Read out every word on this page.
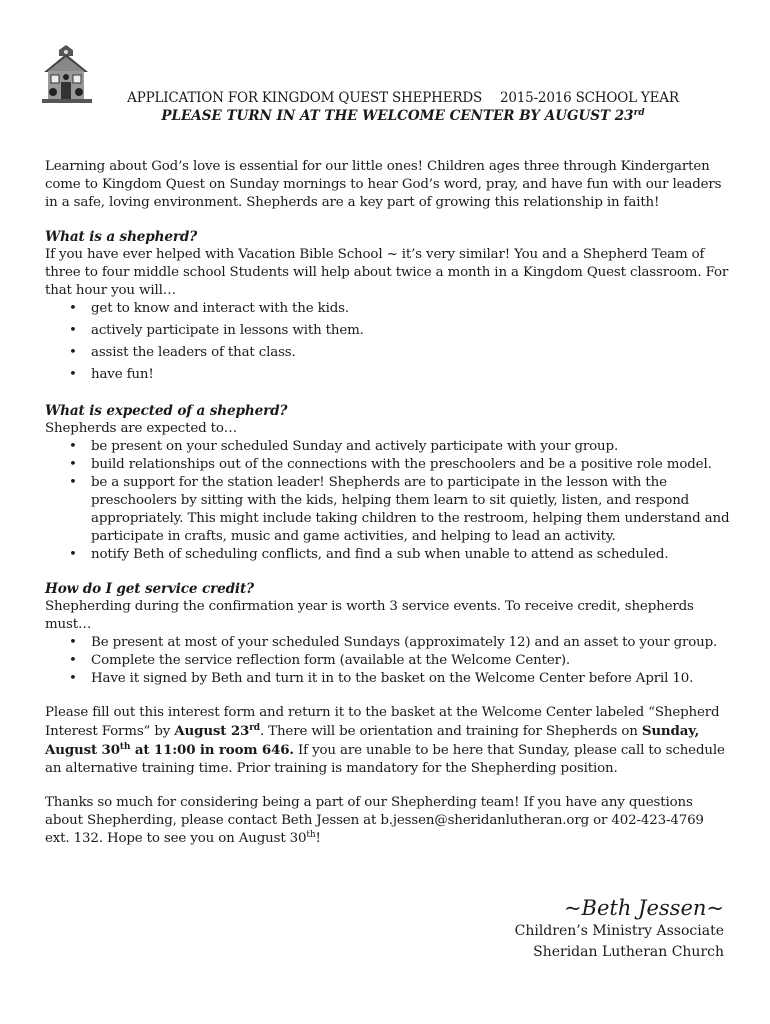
APPLICATION FOR KINGDOM QUEST SHEPHERDS 2015-2016 SCHOOL YEAR
PLEASE TURN IN AT THE WELCOME CENTER BY AUGUST 23rd

Learning about God’s love is essential for our little ones! Children ages three through Kindergarten come to Kingdom Quest on Sunday mornings to hear God’s word, pray, and have fun with our leaders in a safe, loving environment. Shepherds are a key part of growing this relationship in faith!

What is a shepherd?

If you have ever helped with Vacation Bible School ~ it’s very similar! You and a Shepherd Team of three to four middle school Students will help about twice a month in a Kingdom Quest classroom. For that hour you will…

• get to know and interact with the kids.
• actively participate in lessons with them.
• assist the leaders of that class.
• have fun!
What is expected of a shepherd?

Shepherds are expected to…

• be present on your scheduled Sunday and actively participate with your group.
• build relationships out of the connections with the preschoolers and be a positive role model.
• be a support for the station leader! Shepherds are to participate in the lesson with the preschoolers by sitting with the kids, helping them learn to sit quietly, listen, and respond appropriately. This might include taking children to the restroom, helping them understand and participate in crafts, music and game activities, and helping to lead an activity.
• notify Beth of scheduling conflicts, and find a sub when unable to attend as scheduled.
How do I get service credit?

Shepherding during the confirmation year is worth 3 service events. To receive credit, shepherds must…

• Be present at most of your scheduled Sundays (approximately 12) and an asset to your group.
• Complete the service reflection form (available at the Welcome Center).
• Have it signed by Beth and turn it in to the basket on the Welcome Center before April 10.

Please fill out this interest form and return it to the basket at the Welcome Center labeled “Shepherd Interest Forms” by August 23rd. There will be orientation and training for Shepherds on Sunday, August 30th at 11:00 in room 646. If you are unable to be here that Sunday, please call to schedule an alternative training time. Prior training is mandatory for the Shepherding position.

Thanks so much for considering being a part of our Shepherding team! If you have any questions about Shepherding, please contact Beth Jessen at b.jessen@sheridanlutheran.org or 402-423-4769 ext. 132. Hope to see you on August 30th!

~Beth Jessen~
Children’s Ministry Associate
Sheridan Lutheran Church
